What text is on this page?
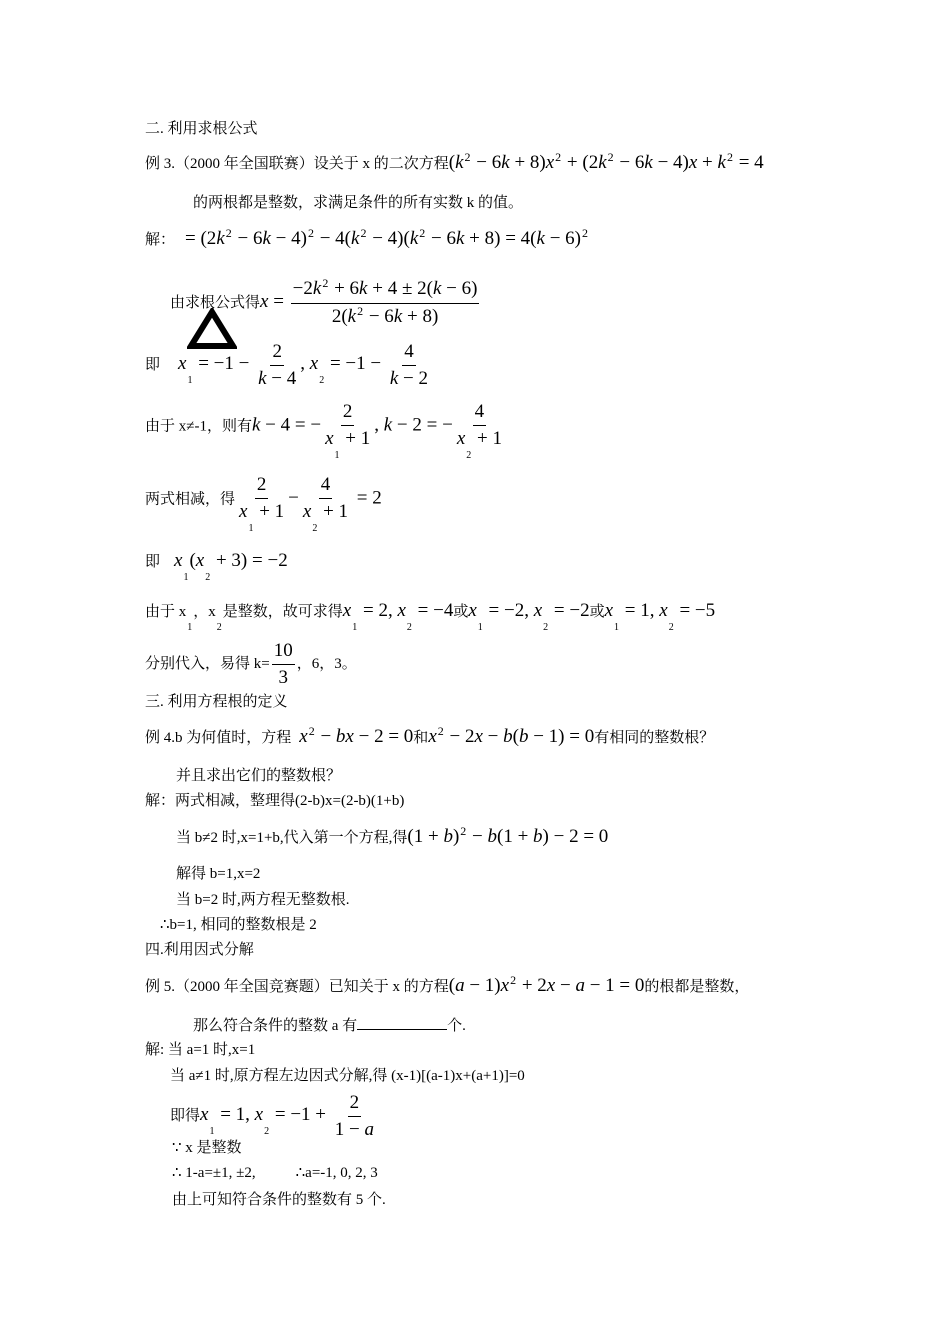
二. 利用求根公式
例 3.（2000 年全国联赛）设关于 x 的二次方程$(k^2 - 6k + 8)x^2 + (2k^2 - 6k - 4)x + k^2 = 4$
的两根都是整数，求满足条件的所有实数 k 的值。
解： = $(2k^2 - 6k - 4)^2 - 4(k^2 - 4)(k^2 - 6k + 8) = 4(k - 6)^2$
由求根公式得$x = \frac{-2k^2 + 6k + 4 \pm 2(k - 6)}{2(k^2 - 6k + 8)}$
即 $x_1 = -1 - \frac{2}{k - 4}$ , $x_2 = -1 - \frac{4}{k - 2}$
由于 x≠-1，则有k − 4 = − $\frac{2}{x_1 + 1}$ , k − 2 = − $\frac{4}{x_2 + 1}$
两式相减，得 $\frac{2}{x_1 + 1} - \frac{4}{x_2 + 1} = 2$
即 $x_1(x_2 + 3) = -2$
由于 $x_1$，$x_2$是整数，故可求得$x_1 = 2$, $x_2 = -4$或$x_1 = -2$, $x_2 = -2$或$x_1 = 1$, $x_2 = -5$
分别代入，易得 $k= \frac{10}{3}$ ，6，3。
三. 利用方程根的定义
例 4.b 为何值时，方程 $x^2$ − bx − 2 = 0和$x^2 - 2x - b(b - 1) = 0$有相同的整数根？
并且求出它们的整数根？
解：两式相减，整理得(2-b)x=(2-b)(1+b)
当 b≠2 时,x=1+b,代入第一个方程,得$(1 + b)^2 - b(1 + b) - 2 = 0$
解得 b=1,x=2
当 b=2 时,两方程无整数根.
∴b=1, 相同的整数根是 2
四.利用因式分解
例 5.（2000 年全国竞赛题）已知关于 x 的方程$(a - 1)x^2 + 2x - a - 1 = 0$的根都是整数，
那么符合条件的整数 a 有	个.
解: 当 a=1 时,x=1
当 a≠1 时,原方程左边因式分解,得 (x-1)[(a-1)x+(a+1)]=0
即得$x_1 = 1$, $x_2 = -1 + \frac{2}{1 - a}$
∵ x 是整数
∴ 1-a=±1, ±2,	∴a=-1, 0, 2, 3
由上可知符合条件的整数有 5 个.
